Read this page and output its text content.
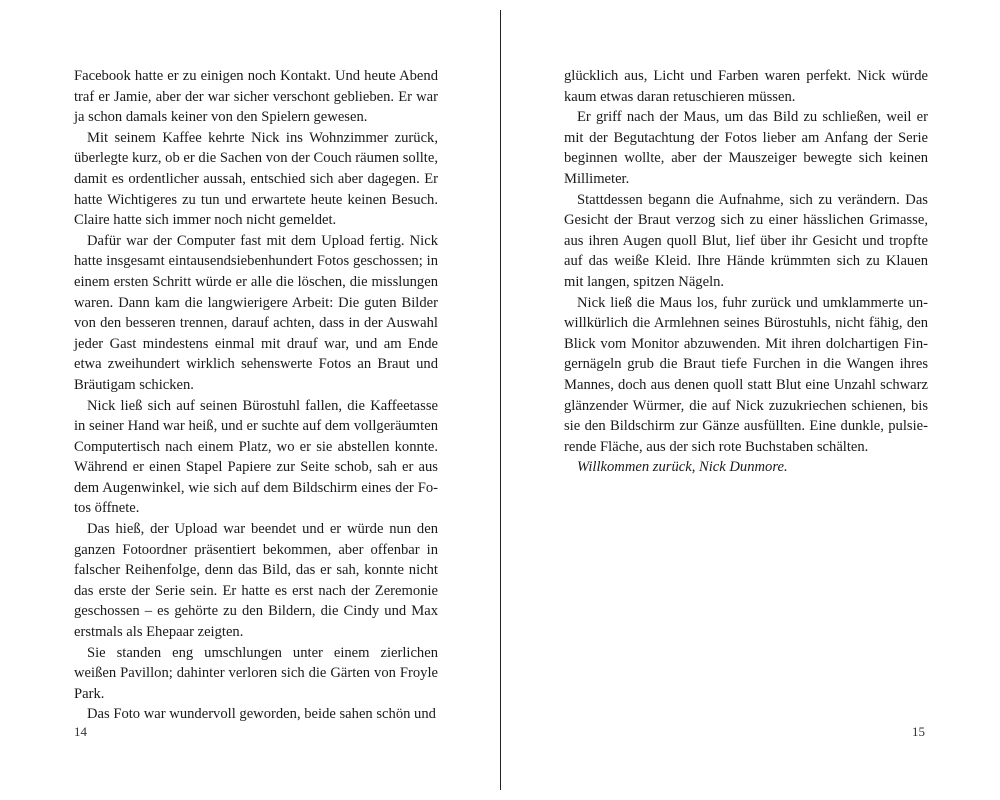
Facebook hatte er zu einigen noch Kontakt. Und heute Abend traf er Jamie, aber der war sicher verschont geblieben. Er war ja schon damals keiner von den Spielern gewesen.

Mit seinem Kaffee kehrte Nick ins Wohnzimmer zurück, überlegte kurz, ob er die Sachen von der Couch räumen sollte, damit es ordentlicher aussah, entschied sich aber dagegen. Er hatte Wichtigeres zu tun und erwartete heute keinen Besuch. Claire hatte sich immer noch nicht gemeldet.

Dafür war der Computer fast mit dem Upload fertig. Nick hatte insgesamt eintausendsiebenhundert Fotos geschossen; in einem ersten Schritt würde er alle die löschen, die misslungen waren. Dann kam die langwierigere Arbeit: Die guten Bilder von den besseren trennen, darauf achten, dass in der Auswahl jeder Gast mindestens einmal mit drauf war, und am Ende etwa zweihundert wirklich sehenswerte Fotos an Braut und Bräutigam schicken.

Nick ließ sich auf seinen Bürostuhl fallen, die Kaffeetasse in seiner Hand war heiß, und er suchte auf dem vollgeräumten Computertisch nach einem Platz, wo er sie abstellen konnte. Während er einen Stapel Papiere zur Seite schob, sah er aus dem Augenwinkel, wie sich auf dem Bildschirm eines der Fotos öffnete.

Das hieß, der Upload war beendet und er würde nun den ganzen Fotoordner präsentiert bekommen, aber offenbar in falscher Reihenfolge, denn das Bild, das er sah, konnte nicht das erste der Serie sein. Er hatte es erst nach der Zeremonie geschossen – es gehörte zu den Bildern, die Cindy und Max erstmals als Ehepaar zeigten.

Sie standen eng umschlungen unter einem zierlichen weißen Pavillon; dahinter verloren sich die Gärten von Froyle Park.

Das Foto war wundervoll geworden, beide sahen schön und

glücklich aus, Licht und Farben waren perfekt. Nick würde kaum etwas daran retuschieren müssen.

Er griff nach der Maus, um das Bild zu schließen, weil er mit der Begutachtung der Fotos lieber am Anfang der Serie beginnen wollte, aber der Mauszeiger bewegte sich keinen Millimeter.

Stattdessen begann die Aufnahme, sich zu verändern. Das Gesicht der Braut verzog sich zu einer hässlichen Grimasse, aus ihren Augen quoll Blut, lief über ihr Gesicht und tropfte auf das weiße Kleid. Ihre Hände krümmten sich zu Klauen mit langen, spitzen Nägeln.

Nick ließ die Maus los, fuhr zurück und umklammerte unwillkürlich die Armlehnen seines Bürostuhls, nicht fähig, den Blick vom Monitor abzuwenden. Mit ihren dolchartigen Fingernägeln grub die Braut tiefe Furchen in die Wangen ihres Mannes, doch aus denen quoll statt Blut eine Unzahl schwarz glänzender Würmer, die auf Nick zuzukriechen schienen, bis sie den Bildschirm zur Gänze ausfüllten. Eine dunkle, pulsierende Fläche, aus der sich rote Buchstaben schälten.

Willkommen zurück, Nick Dunmore.

14	15
